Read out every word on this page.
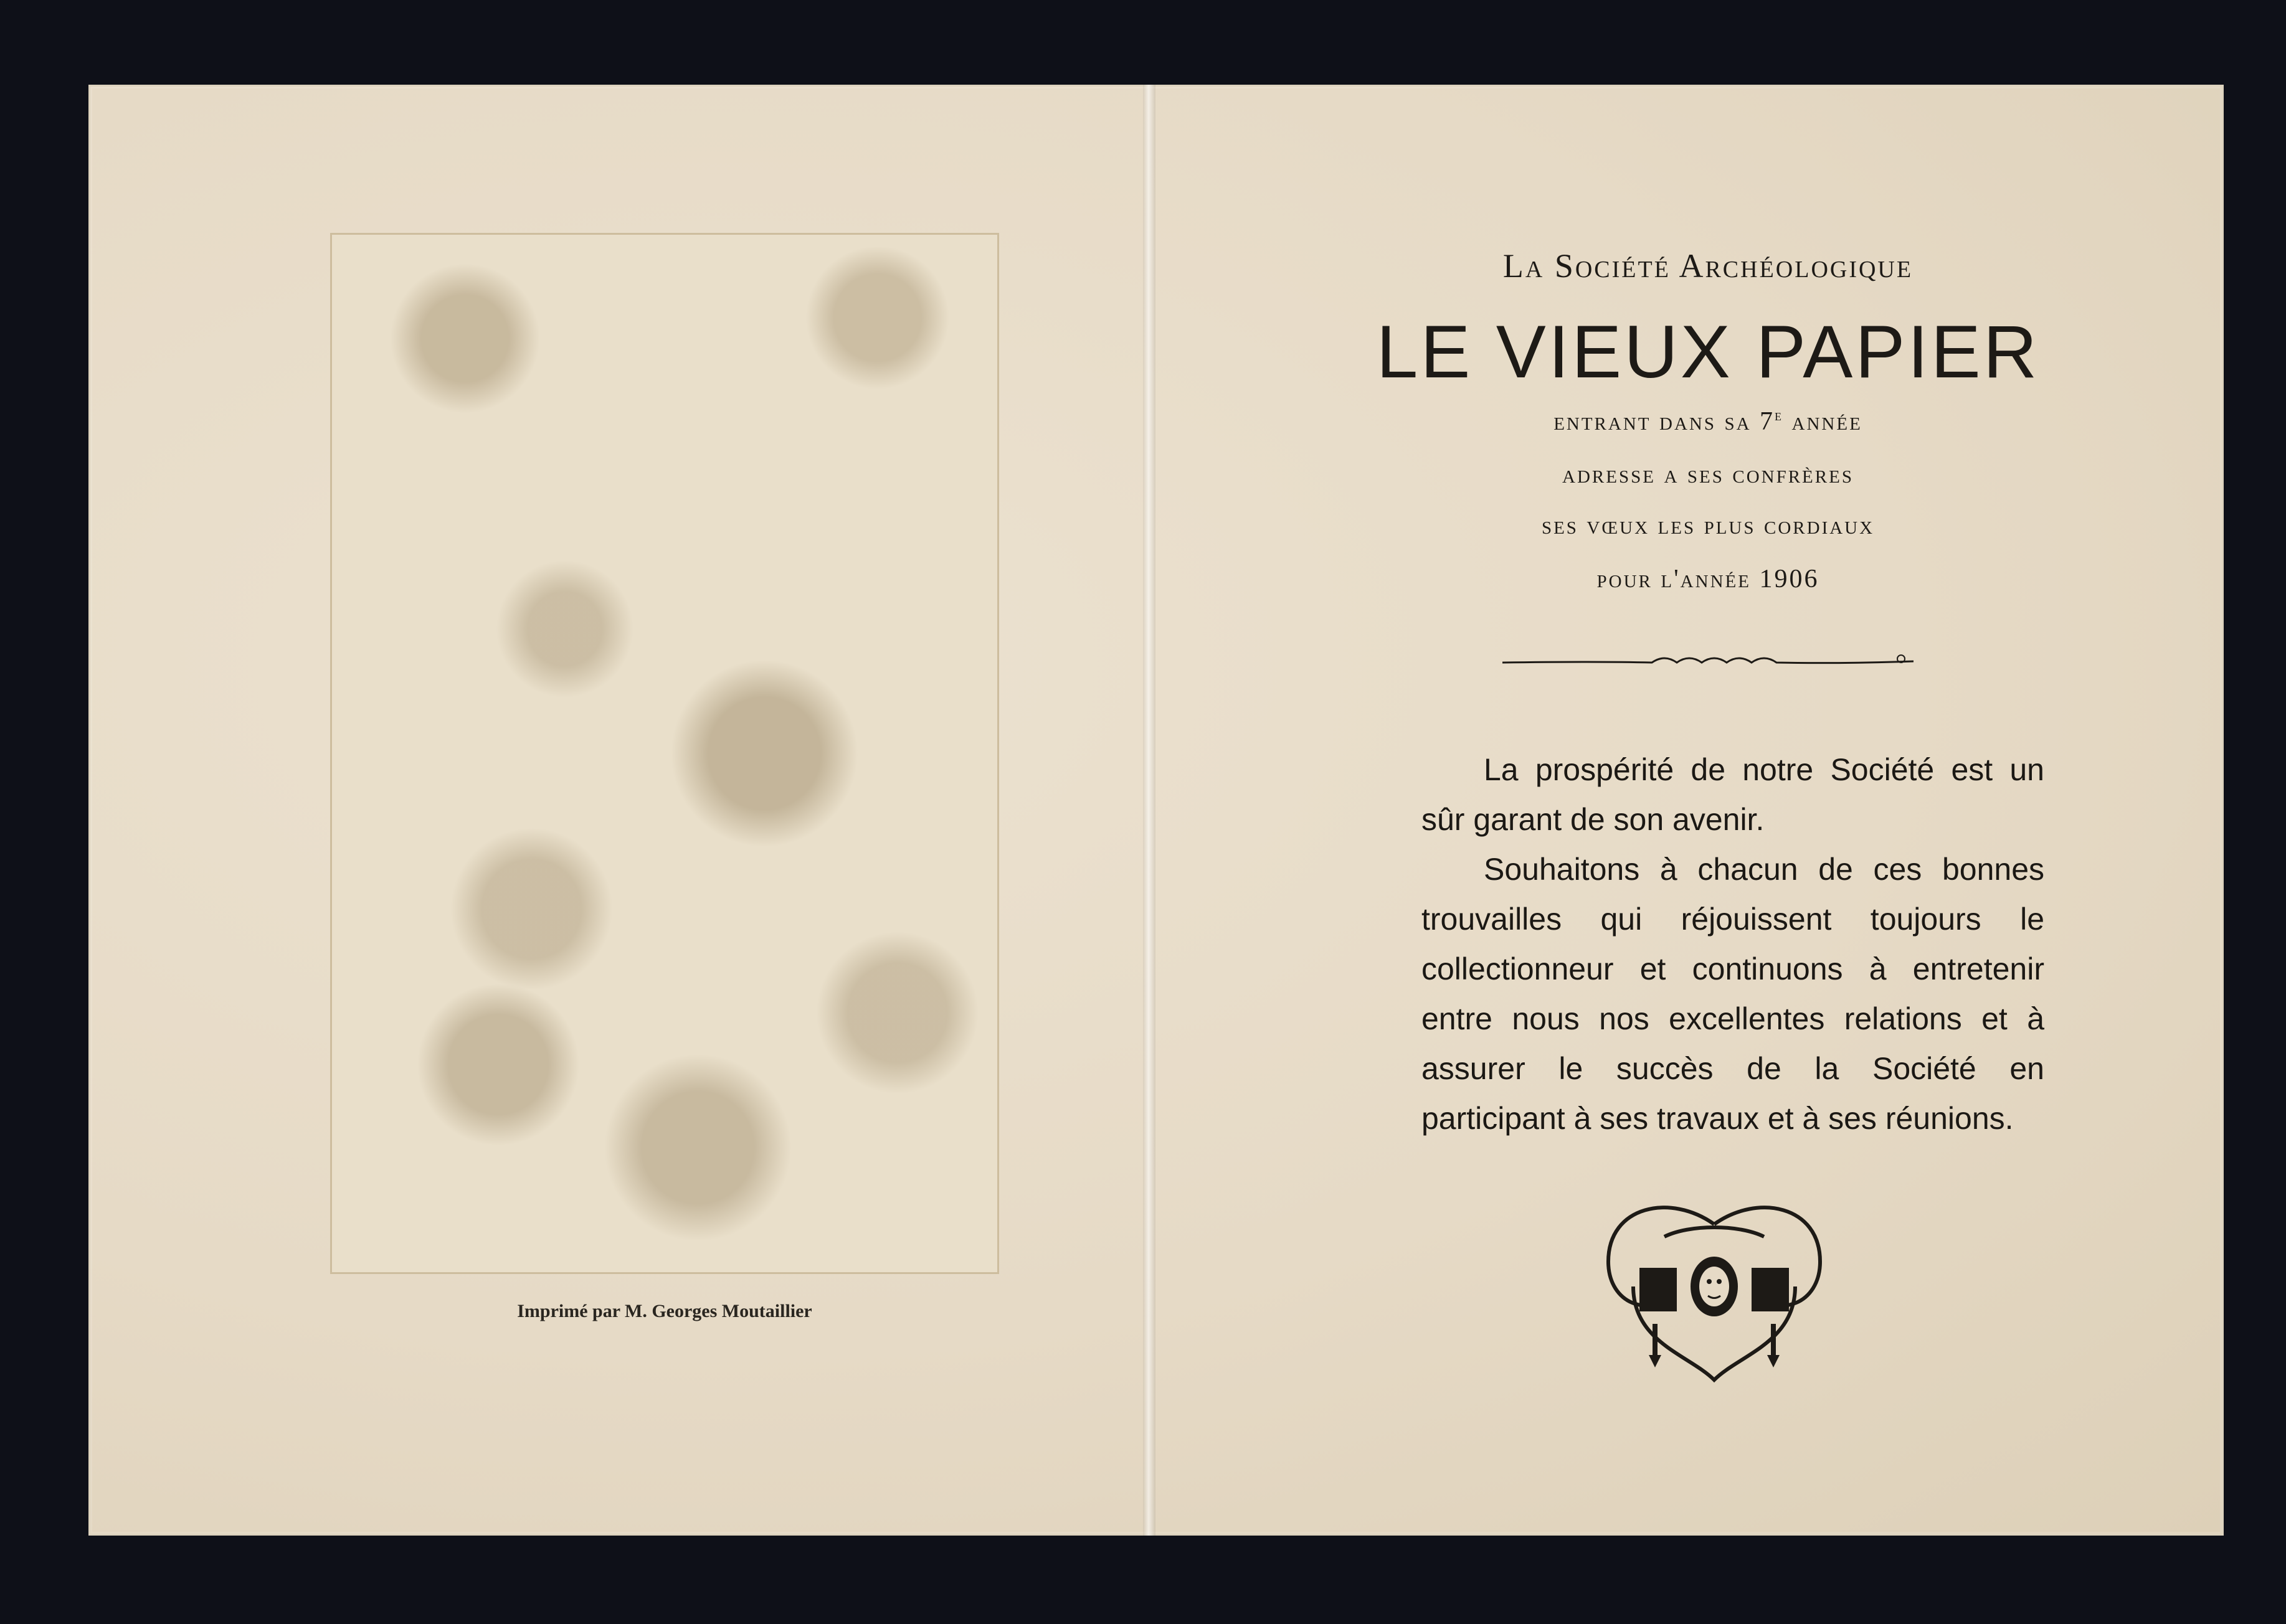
Imprimé par M. Georges Moutaillier
La Société Archéologique
LE VIEUX PAPIER
entrant dans sa 7e année
adresse a ses confrères
ses vœux les plus cordiaux
pour l'année 1906

La prospérité de notre Société est un sûr garant de son avenir.

Souhaitons à chacun de ces bonnes trouvailles qui réjouissent toujours le collectionneur et continuons à entretenir entre nous nos excellentes relations et à assurer le succès de la Société en participant à ses travaux et à ses réunions.
